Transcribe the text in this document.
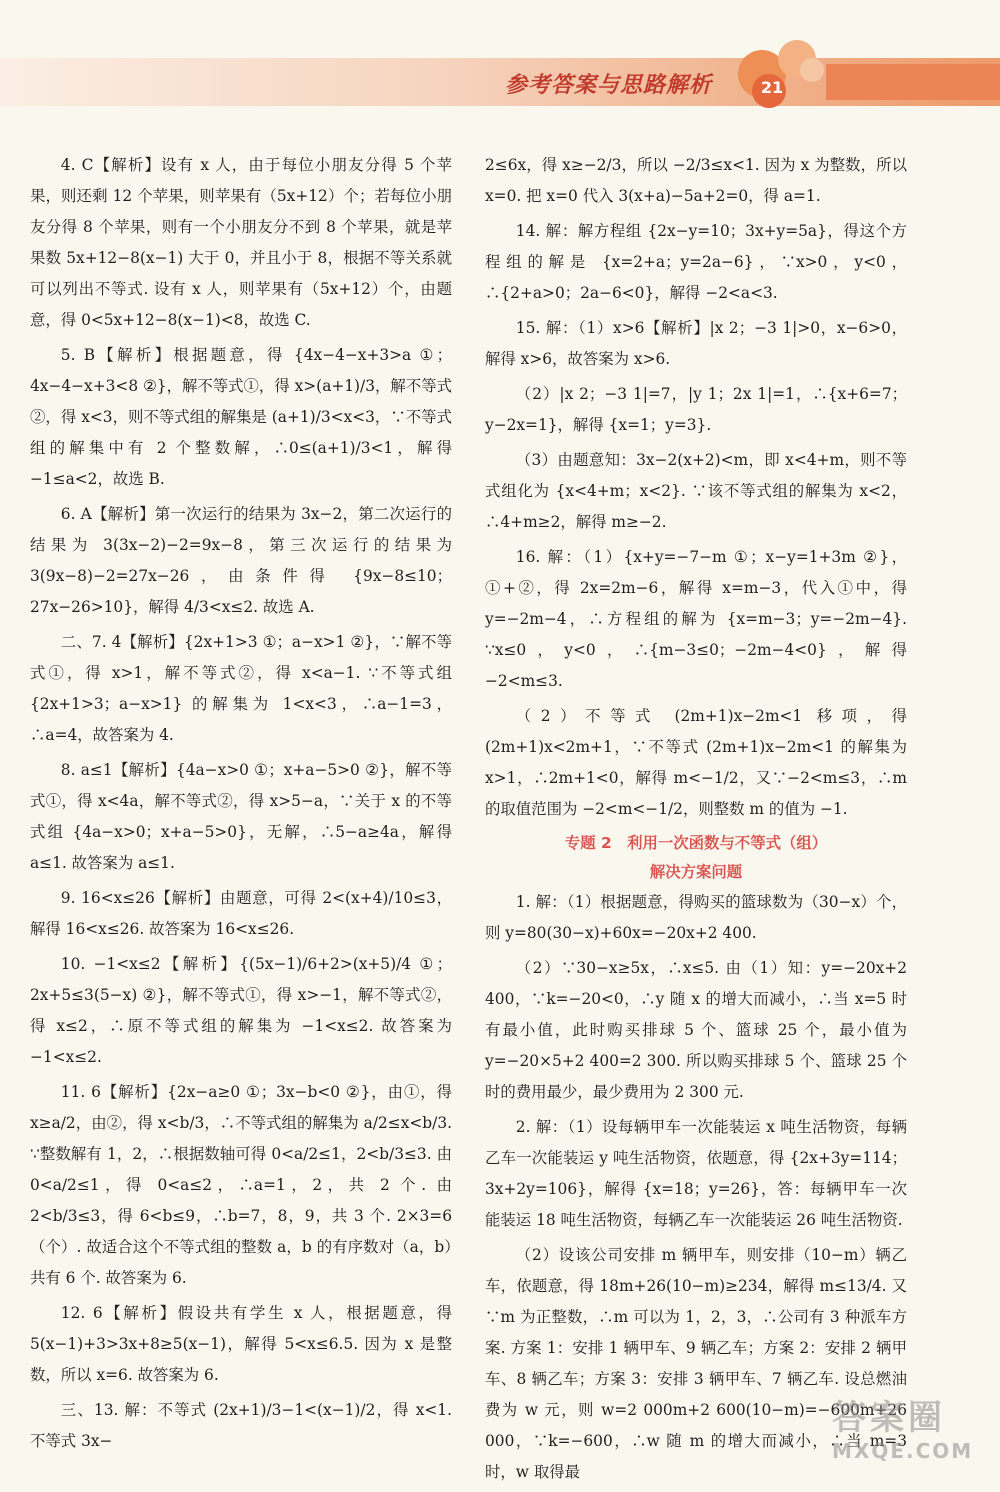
参考答案与思路解析	21

4. C【解析】设有 x 人，由于每位小朋友分得 5 个苹果，则还剩 12 个苹果，则苹果有（5x+12）个；若每位小朋友分得 8 个苹果，则有一个小朋友分不到 8 个苹果，就是苹果数 5x+12−8(x−1) 大于 0，并且小于 8，根据不等关系就可以列出不等式. 设有 x 人，则苹果有（5x+12）个，由题意，得 0<5x+12−8(x−1)<8，故选 C.

5. B【解析】根据题意，得 {4x−4−x+3>a ①；4x−4−x+3<8 ②}，解不等式①，得 x>(a+1)/3，解不等式②，得 x<3，则不等式组的解集是 (a+1)/3<x<3，∵不等式组的解集中有 2 个整数解，∴0≤(a+1)/3<1，解得 −1≤a<2，故选 B.

6. A【解析】第一次运行的结果为 3x−2，第二次运行的结果为 3(3x−2)−2=9x−8，第三次运行的结果为 3(9x−8)−2=27x−26，由条件得 {9x−8≤10；27x−26>10}，解得 4/3<x≤2. 故选 A.

二、7. 4【解析】{2x+1>3 ①；a−x>1 ②}，∵解不等式①，得 x>1，解不等式②，得 x<a−1. ∵不等式组 {2x+1>3；a−x>1} 的解集为 1<x<3，∴a−1=3，∴a=4，故答案为 4.

8. a≤1【解析】{4a−x>0 ①；x+a−5>0 ②}，解不等式①，得 x<4a，解不等式②，得 x>5−a，∵关于 x 的不等式组 {4a−x>0；x+a−5>0}，无解，∴5−a≥4a，解得 a≤1. 故答案为 a≤1.

9. 16<x≤26【解析】由题意，可得 2<(x+4)/10≤3，解得 16<x≤26. 故答案为 16<x≤26.

10. −1<x≤2【解析】{(5x−1)/6+2>(x+5)/4 ①；2x+5≤3(5−x) ②}，解不等式①，得 x>−1，解不等式②，得 x≤2，∴原不等式组的解集为 −1<x≤2. 故答案为 −1<x≤2.

11. 6【解析】{2x−a≥0 ①；3x−b<0 ②}，由①，得 x≥a/2，由②，得 x<b/3，∴不等式组的解集为 a/2≤x<b/3. ∵整数解有 1，2，∴根据数轴可得 0<a/2≤1，2<b/3≤3. 由 0<a/2≤1，得 0<a≤2，∴a=1，2，共 2 个. 由 2<b/3≤3，得 6<b≤9，∴b=7，8，9，共 3 个. 2×3=6（个）. 故适合这个不等式组的整数 a，b 的有序数对（a，b）共有 6 个. 故答案为 6.

12. 6【解析】假设共有学生 x 人，根据题意，得 5(x−1)+3>3x+8≥5(x−1)，解得 5<x≤6.5. 因为 x 是整数，所以 x=6. 故答案为 6.

三、13. 解：不等式 (2x+1)/3−1<(x−1)/2，得 x<1. 不等式 3x−

2≤6x，得 x≥−2/3，所以 −2/3≤x<1. 因为 x 为整数，所以 x=0. 把 x=0 代入 3(x+a)−5a+2=0，得 a=1.

14. 解：解方程组 {2x−y=10；3x+y=5a}，得这个方程组的解是 {x=2+a；y=2a−6}，∵x>0，y<0，∴{2+a>0；2a−6<0}，解得 −2<a<3.

15. 解：（1）x>6【解析】|x 2；−3 1|>0，x−6>0，解得 x>6，故答案为 x>6.

（2）|x 2；−3 1|=7，|y 1；2x 1|=1，∴{x+6=7；y−2x=1}，解得 {x=1；y=3}.

（3）由题意知：3x−2(x+2)<m，即 x<4+m，则不等式组化为 {x<4+m；x<2}. ∵该不等式组的解集为 x<2，∴4+m≥2，解得 m≥−2.

16. 解：（1）{x+y=−7−m ①；x−y=1+3m ②}，①+②，得 2x=2m−6，解得 x=m−3，代入①中，得 y=−2m−4，∴方程组的解为 {x=m−3；y=−2m−4}. ∵x≤0，y<0，∴{m−3≤0；−2m−4<0}，解得 −2<m≤3.

（2）不等式 (2m+1)x−2m<1 移项，得 (2m+1)x<2m+1，∵不等式 (2m+1)x−2m<1 的解集为 x>1，∴2m+1<0，解得 m<−1/2，又∵−2<m≤3，∴m 的取值范围为 −2<m<−1/2，则整数 m 的值为 −1.

专题 2　利用一次函数与不等式（组）
解决方案问题

1. 解：（1）根据题意，得购买的篮球数为（30−x）个，则 y=80(30−x)+60x=−20x+2 400.

（2）∵30−x≥5x，∴x≤5. 由（1）知：y=−20x+2 400，∵k=−20<0，∴y 随 x 的增大而减小，∴当 x=5 时有最小值，此时购买排球 5 个、篮球 25 个，最小值为 y=−20×5+2 400=2 300. 所以购买排球 5 个、篮球 25 个时的费用最少，最少费用为 2 300 元.

2. 解：（1）设每辆甲车一次能装运 x 吨生活物资，每辆乙车一次能装运 y 吨生活物资，依题意，得 {2x+3y=114；3x+2y=106}，解得 {x=18；y=26}，答：每辆甲车一次能装运 18 吨生活物资，每辆乙车一次能装运 26 吨生活物资.

（2）设该公司安排 m 辆甲车，则安排（10−m）辆乙车，依题意，得 18m+26(10−m)≥234，解得 m≤13/4. 又∵m 为正整数，∴m 可以为 1，2，3，∴公司有 3 种派车方案. 方案 1：安排 1 辆甲车、9 辆乙车；方案 2：安排 2 辆甲车、8 辆乙车；方案 3：安排 3 辆甲车、7 辆乙车. 设总燃油费为 w 元，则 w=2 000m+2 600(10−m)=−600m+26 000，∵k=−600，∴w 随 m 的增大而减小，∴当 m=3 时，w 取得最

答案圈
MXQE.COM
